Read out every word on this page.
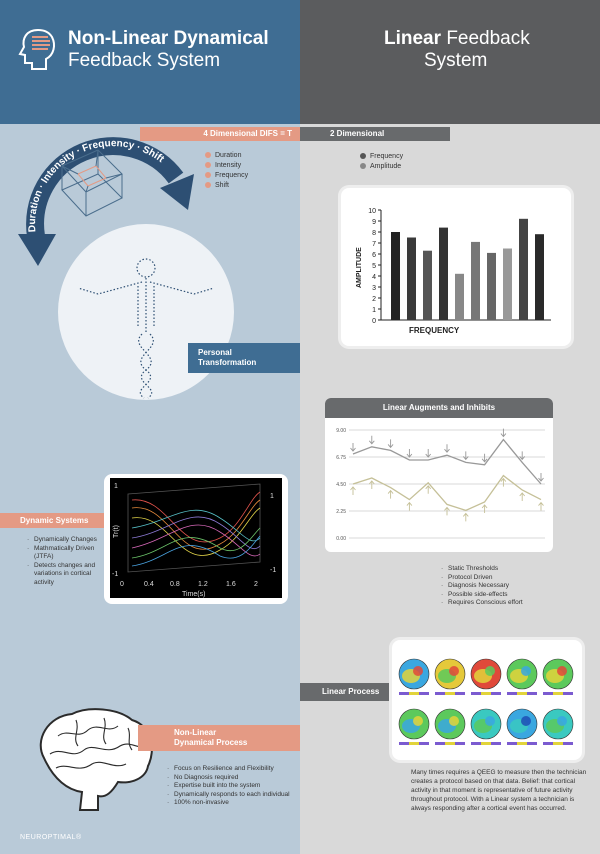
Non-Linear Dynamical
Feedback System
Linear Feedback
System
Duration · Intensity · Frequency · Shift
4 Dimensional DIFS = T
Duration
Intensity
Frequency
Shift
Personal
Transformation
Dynamic Systems
· Dynamically Changes
· Mathmatically Driven (JTFA)
· Detects changes and variations in cortical activity
1
-1
-1
1
0	0.4 0.8	1.2	1.6	2
Time(s)
Tr(t)
Non-Linear
Dynamical Process
· Focus on Resilience and Flexibility
· No Diagnosis required
· Expertise built into the system
· Dynamically responds to each individual
· 100% non-invasive
NEUROPTIMAL®
2 Dimensional
Frequency
Amplitude
AMPLITUDE
FREQUENCY
0
1
2
3
4
5
6
7
8
9
10
Linear Augments and Inhibits
0.00
2.25
4.50
6.75
9.00
· Static Thresholds
· Protocol Driven
· Diagnosis Necessary
· Possible side-effects
· Requires Conscious effort
Linear Process
Many times requires a QEEG to measure then the technician creates a protocol based on that data. Belief: that cortical activity in that moment is representative of future activity throughout protocol. With a Linear system a technician is always responding after a cortical event has occurred.
